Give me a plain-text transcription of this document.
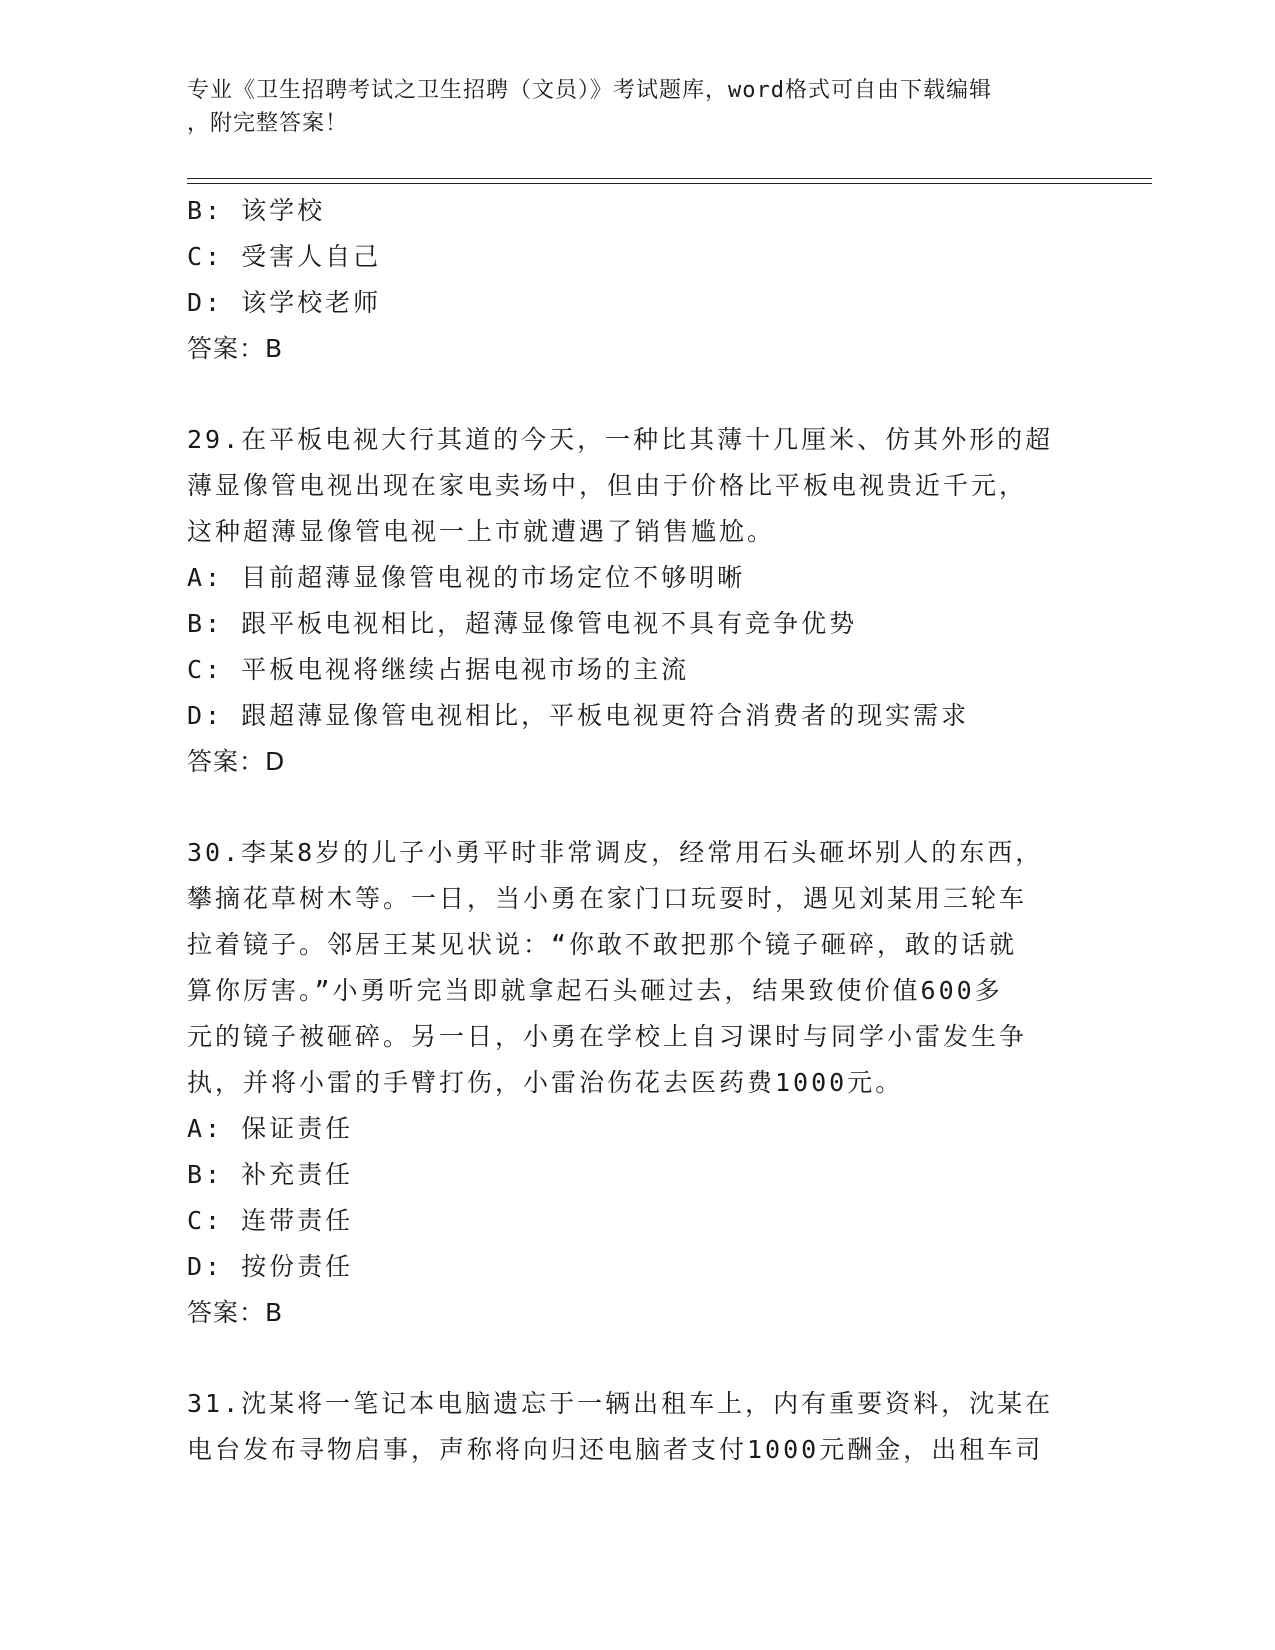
专业《卫生招聘考试之卫生招聘（文员）》考试题库，word格式可自由下载编辑
，附完整答案！
B: 该学校
C: 受害人自己
D: 该学校老师
答案：B
29.在平板电视大行其道的今天，一种比其薄十几厘米、仿其外形的超
薄显像管电视出现在家电卖场中，但由于价格比平板电视贵近千元，
这种超薄显像管电视一上市就遭遇了销售尴尬。
A: 目前超薄显像管电视的市场定位不够明晰
B: 跟平板电视相比，超薄显像管电视不具有竞争优势
C: 平板电视将继续占据电视市场的主流
D: 跟超薄显像管电视相比，平板电视更符合消费者的现实需求
答案：D
30.李某8岁的儿子小勇平时非常调皮，经常用石头砸坏别人的东西，
攀摘花草树木等。一日，当小勇在家门口玩耍时，遇见刘某用三轮车
拉着镜子。邻居王某见状说：“你敢不敢把那个镜子砸碎，敢的话就
算你厉害。”小勇听完当即就拿起石头砸过去，结果致使价值600多
元的镜子被砸碎。另一日，小勇在学校上自习课时与同学小雷发生争
执，并将小雷的手臂打伤，小雷治伤花去医药费1000元。
A: 保证责任
B: 补充责任
C: 连带责任
D: 按份责任
答案：B
31.沈某将一笔记本电脑遗忘于一辆出租车上，内有重要资料，沈某在
电台发布寻物启事，声称将向归还电脑者支付1000元酬金，出租车司
